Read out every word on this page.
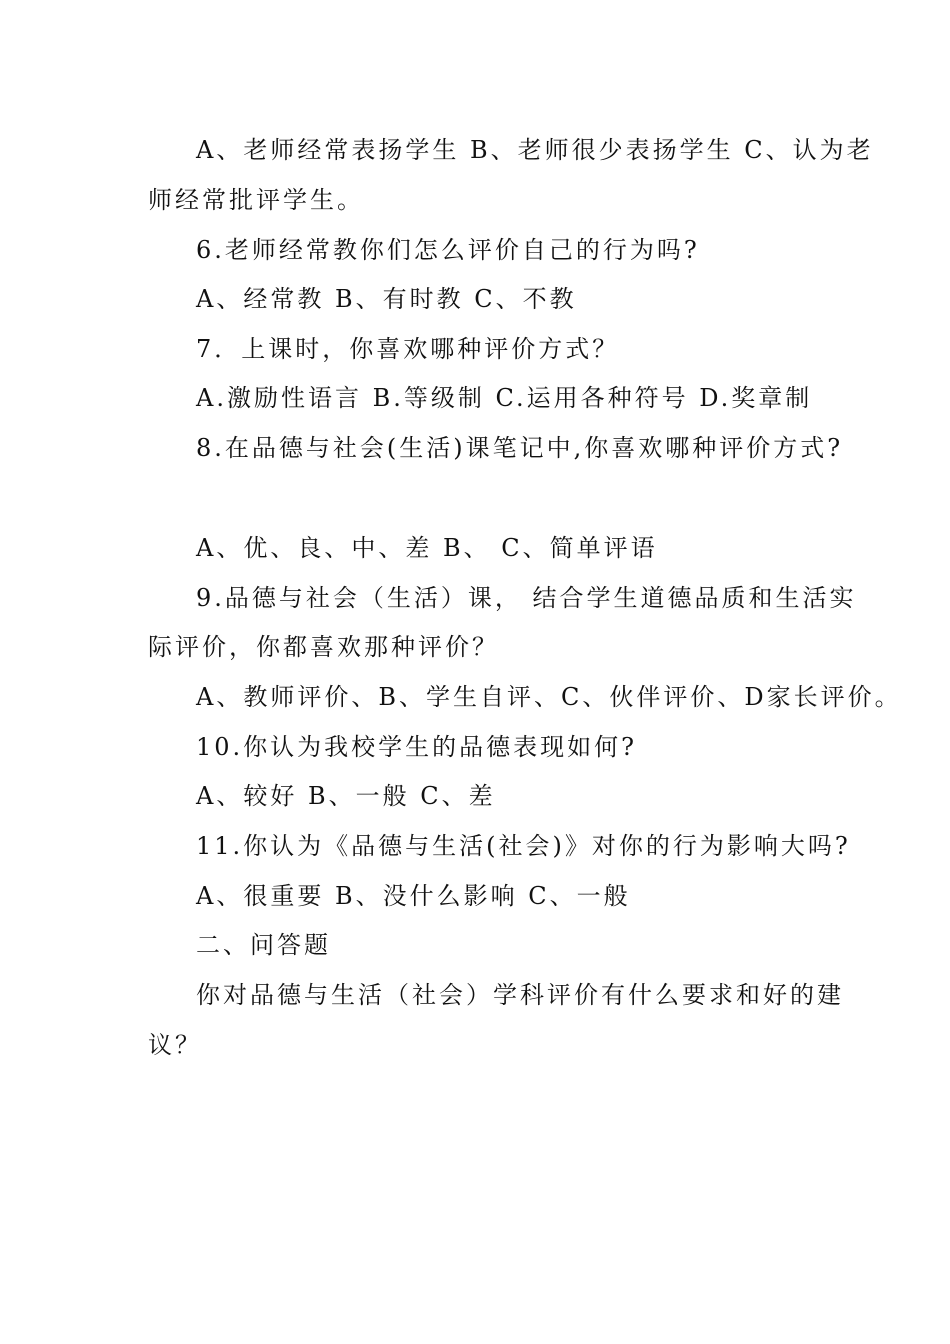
A、老师经常表扬学生 B、老师很少表扬学生 C、认为老
师经常批评学生。
6.老师经常教你们怎么评价自己的行为吗?
A、经常教 B、有时教 C、不教
7．上课时，你喜欢哪种评价方式？
A.激励性语言 B.等级制 C.运用各种符号 D.奖章制
8.在品德与社会(生活)课笔记中,你喜欢哪种评价方式?
A、优、良、中、差 B、 C、简单评语
9.品德与社会（生活）课， 结合学生道德品质和生活实
际评价，你都喜欢那种评价？
A、教师评价、B、学生自评、C、伙伴评价、D家长评价。
10.你认为我校学生的品德表现如何?
A、较好 B、一般 C、差
11.你认为《品德与生活(社会)》对你的行为影响大吗?
A、很重要 B、没什么影响 C、一般
二、问答题
你对品德与生活（社会）学科评价有什么要求和好的建
议？
